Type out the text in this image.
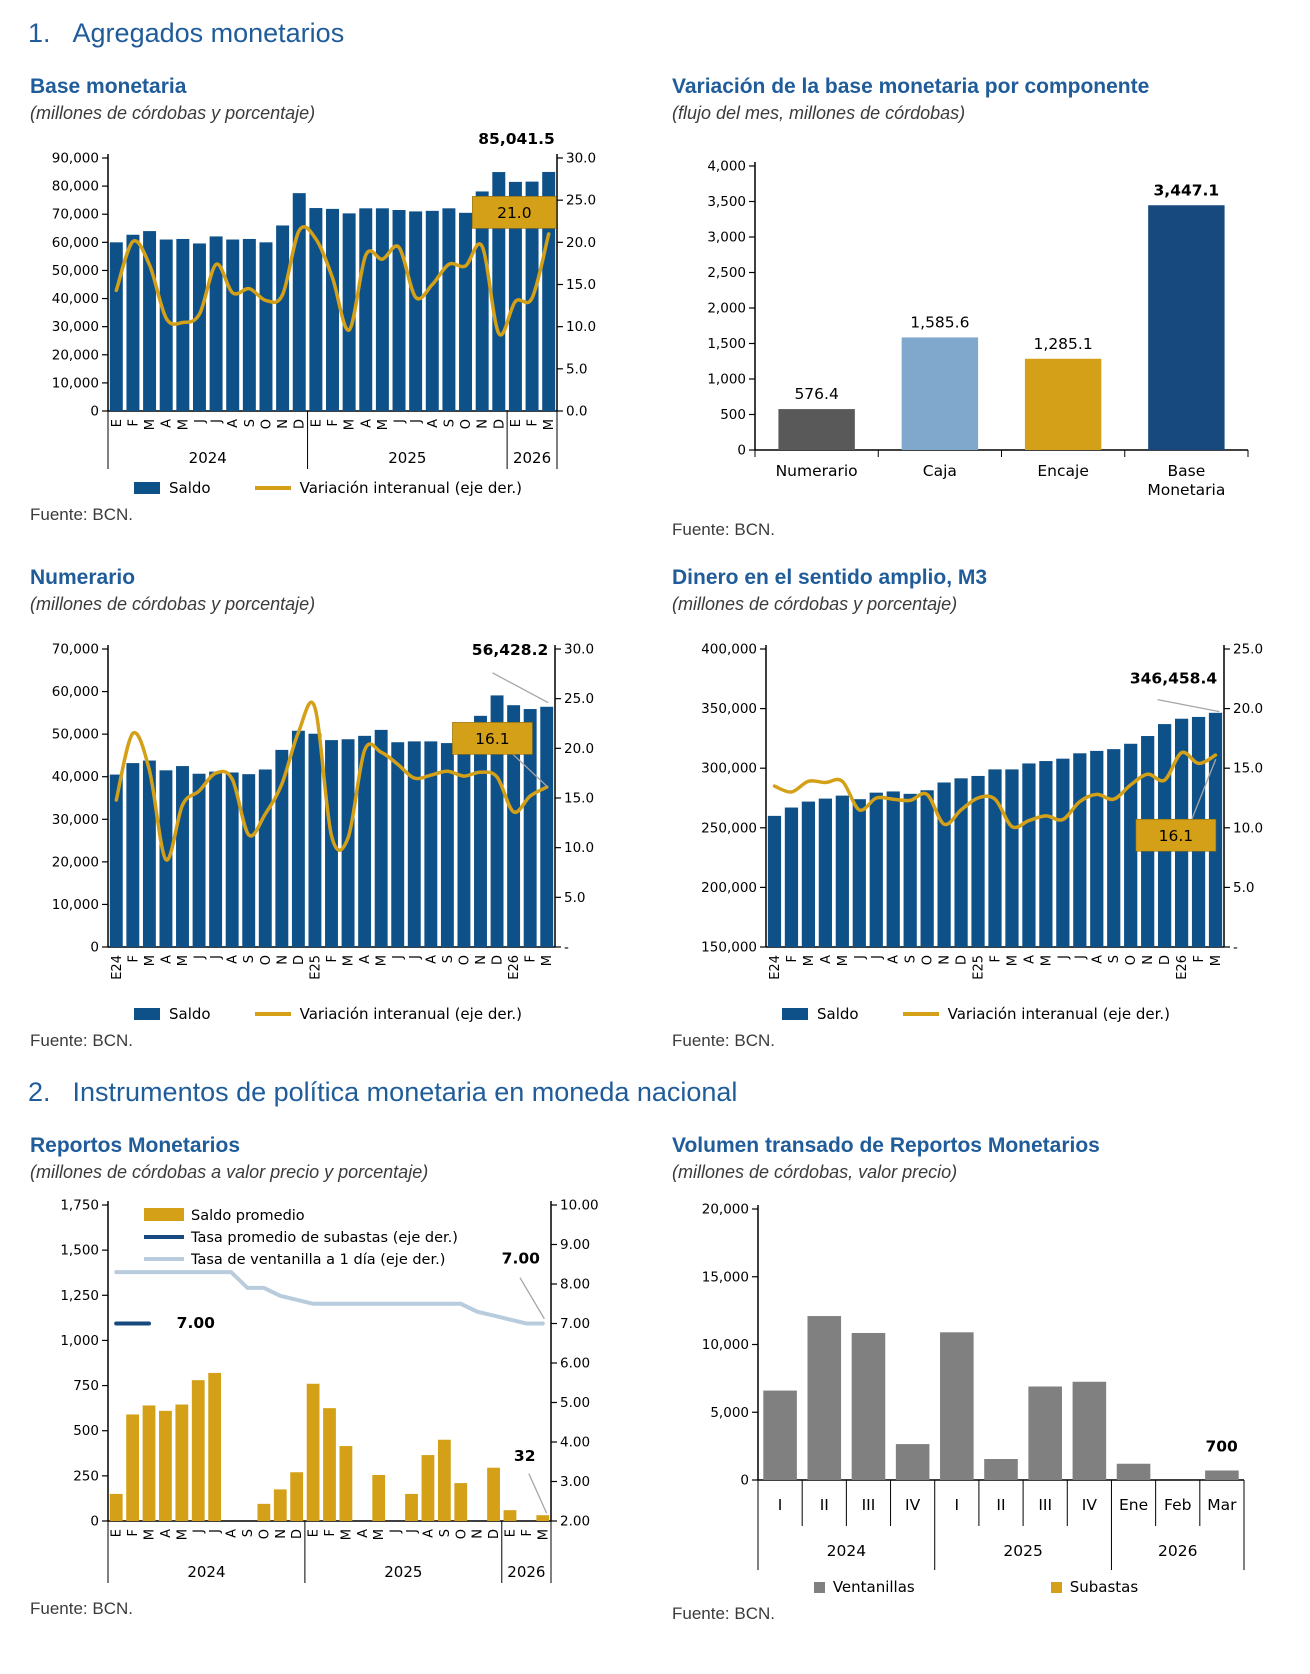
1. Agregados monetarios
Base monetaria

(millones de córdobas y porcentaje)

0
10,000
20,000
30,000
40,000
50,000
60,000
70,000
80,000
90,000
0.0
5.0
10.0
15.0
20.0
25.0
30.0
E F M A M J J A S O N D E F M A M J J A S O N D E F M
2024	2025	2026
85,041.5
21.0
Saldo	Variación interanual (eje der.)

Fuente: BCN.

Variación de la base monetaria por componente

(flujo del mes, millones de córdobas)

0
500
1,000
1,500
2,000
2,500
3,000
3,500
4,000
576.4
Numerario
1,585.6
Caja
1,285.1
Encaje
3,447.1
Base
Monetaria

Fuente: BCN.

Numerario

(millones de córdobas y porcentaje)

0
10,000
20,000
30,000
40,000
50,000
60,000
70,000
-
5.0
10.0
15.0
20.0
25.0
30.0
E24 F M A M J J A S O N D E25 F M A M J J A S O N D E26 F M
56,428.2
16.1
Saldo	Variación interanual (eje der.)

Fuente: BCN.

Dinero en el sentido amplio, M3

(millones de córdobas y porcentaje)

150,000
200,000
250,000
300,000
350,000
400,000
-
5.0
10.0
15.0
20.0
25.0
E24 F M A M J J A S O N D E25 F M A M J J A S O N D E26 F M
346,458.4
16.1
Saldo	Variación interanual (eje der.)

Fuente: BCN.

2. Instrumentos de política monetaria en moneda nacional
Reportos Monetarios

(millones de córdobas a valor precio y porcentaje)

0
250
500
750
1,000
1,250
1,500
1,750
2.00
3.00
4.00
5.00
6.00
7.00
8.00
9.00
10.00
E F M A M J J A S O N D E F M A M J J A S O N D E F M
2024	2025	2026
Saldo promedio
Tasa promedio de subastas (eje der.)
Tasa de ventanilla a 1 día (eje der.)
7.00
7.00
32

Fuente: BCN.

Volumen transado de Reportos Monetarios

(millones de córdobas, valor precio)

0
5,000
10,000
15,000
20,000
I II III IV I II III IV Ene Feb Mar
2024	2025	2026
700
Ventanillas	Subastas

Fuente: BCN.
